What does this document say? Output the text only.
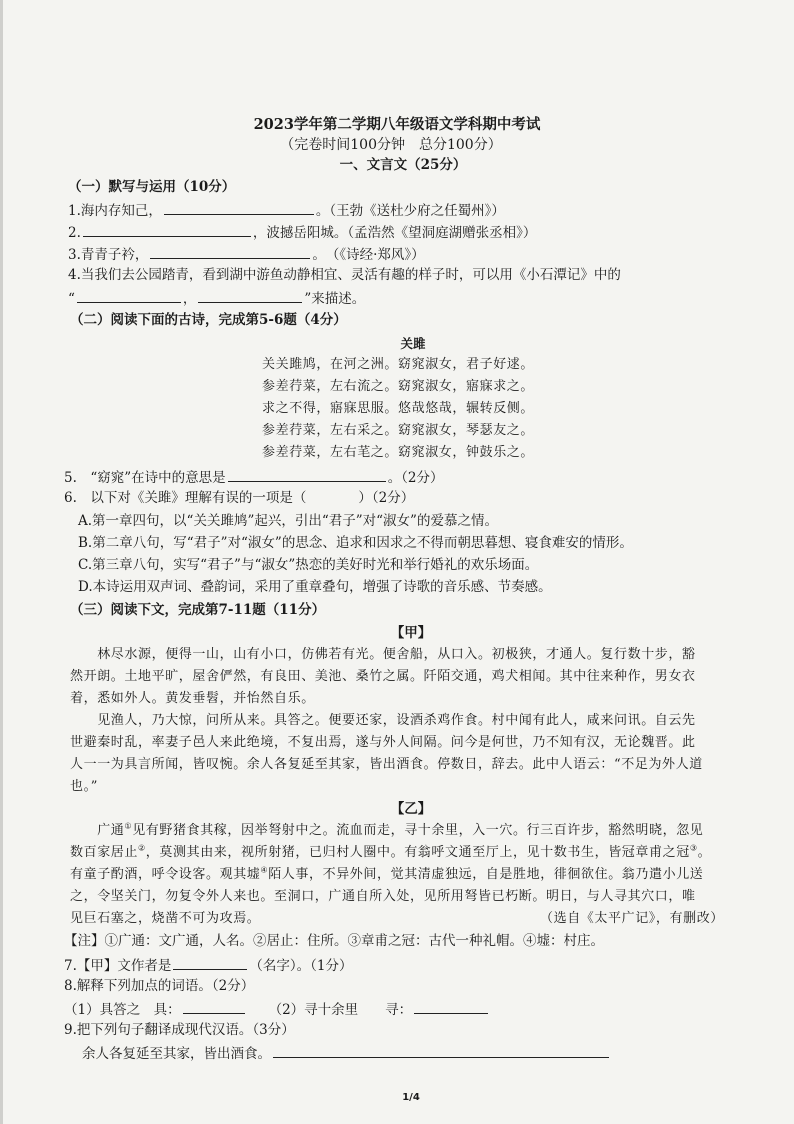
2023学年第二学期八年级语文学科期中考试
（完卷时间100分钟　总分100分）
一、文言文（25分）
（一）默写与运用（10分）
1.海内存知己，	。（王勃《送杜少府之任蜀州》）
2.	，波撼岳阳城。（孟浩然《望洞庭湖赠张丞相》）
3.青青子衿，	。　（《诗经·郑风》）
4.当我们去公园踏青，看到湖中游鱼动静相宜、灵活有趣的样子时，可以用《小石潭记》中的
“	，	”来描述。
（二）阅读下面的古诗，完成第5-6题（4分）
关雎
关关雎鸠，在河之洲。窈窕淑女，君子好逑。
参差荇菜，左右流之。窈窕淑女，寤寐求之。
求之不得，寤寐思服。悠哉悠哉，辗转反侧。
参差荇菜，左右采之。窈窕淑女，琴瑟友之。
参差荇菜，左右芼之。窈窕淑女，钟鼓乐之。
5.　“窈窕”在诗中的意思是	。（2分）
6.　以下对《关雎》理解有误的一项是（	）（2分）
A.第一章四句，以“关关雎鸠”起兴，引出“君子”对“淑女”的爱慕之情。
B.第二章八句，写“君子”对“淑女”的思念、追求和因求之不得而朝思暮想、寝食难安的情形。
C.第三章八句，实写“君子”与“淑女”热恋的美好时光和举行婚礼的欢乐场面。
D.本诗运用双声词、叠韵词，采用了重章叠句，增强了诗歌的音乐感、节奏感。
（三）阅读下文，完成第7-11题（11分）
【甲】
　　林尽水源，便得一山，山有小口，仿佛若有光。便舍船，从口入。初极狭，才通人。复行数十步，豁
然开朗。土地平旷，屋舍俨然，有良田、美池、桑竹之属。阡陌交通，鸡犬相闻。其中往来种作，男女衣
着，悉如外人。黄发垂髫，并怡然自乐。
　　见渔人，乃大惊，问所从来。具答之。便要还家，设酒杀鸡作食。村中闻有此人，咸来问讯。自云先
世避秦时乱，率妻子邑人来此绝境，不复出焉，遂与外人间隔。问今是何世，乃不知有汉，无论魏晋。此
人一一为具言所闻，皆叹惋。余人各复延至其家，皆出酒食。停数日，辞去。此中人语云：“不足为外人道
也。”
【乙】
　　广通①见有野猪食其稼，因举弩射中之。流血而走，寻十余里，入一穴。行三百许步，豁然明晓，忽见
数百家居止②，莫测其由来，视所射猪，已归村人圈中。有翁呼文通至厅上，见十数书生，皆冠章甫之冠③。
有童子酌酒，呼令设客。观其墟④陌人事，不异外间，觉其清虚独远，自是胜地，徘徊欲住。翁乃遣小儿送
之，令坚关门，勿复令外人来也。至洞口，广通自所入处，见所用弩皆已朽断。明日，与人寻其穴口，唯
见巨石塞之，烧凿不可为攻焉。	（选自《太平广记》，有删改）
【注】①广通：文广通，人名。②居止：住所。③章甫之冠：古代一种礼帽。④墟：村庄。
7.【甲】文作者是	（名字）。（1分）
8.解释下列加点的词语。（2分）
（1）具答之　具：	（2）寻十余里　　寻：
9.把下列句子翻译成现代汉语。（3分）
余人各复延至其家，皆出酒食。
1/4
